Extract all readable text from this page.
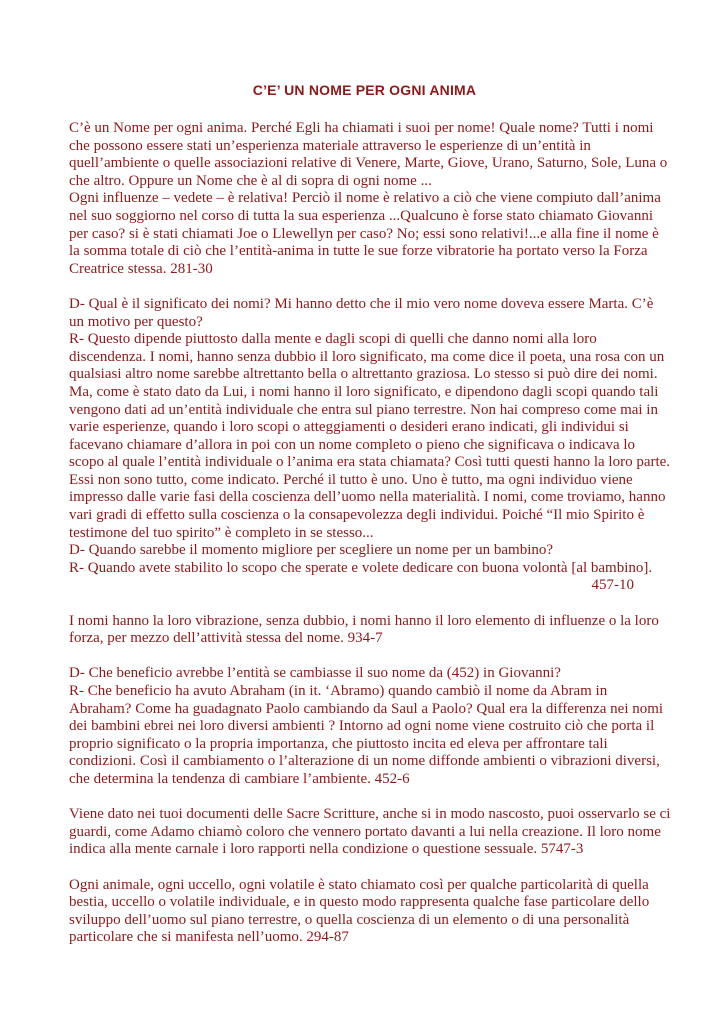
C’E’ UN NOME PER OGNI ANIMA
C’è un Nome per ogni anima. Perché Egli ha chiamati i suoi per nome! Quale nome? Tutti i nomi
che possono essere stati un’esperienza materiale attraverso le esperienze di un’entità in
quell’ambiente o quelle associazioni relative di Venere, Marte, Giove, Urano, Saturno, Sole, Luna o
che altro. Oppure un Nome che è al di sopra di ogni nome ...
Ogni influenze – vedete – è relativa! Perciò il nome è relativo a ciò che viene compiuto dall’anima
nel suo soggiorno nel corso di tutta la sua esperienza ...Qualcuno è forse stato chiamato Giovanni
per caso? si è stati chiamati Joe o Llewellyn per caso? No; essi sono relativi!...e alla fine il nome è
la somma totale di ciò che l’entità-anima in tutte le sue forze vibratorie ha portato verso la Forza
Creatrice stessa. 281-30
D- Qual è il significato dei nomi? Mi hanno detto che il mio vero nome doveva essere Marta. C’è
un motivo per questo?
R- Questo dipende piuttosto dalla mente e dagli scopi di quelli che danno nomi alla loro
discendenza. I nomi, hanno senza dubbio il loro significato, ma come dice il poeta, una rosa con un
qualsiasi altro nome sarebbe altrettanto bella o altrettanto graziosa. Lo stesso si può dire dei nomi.
Ma, come è stato dato da Lui, i nomi hanno il loro significato, e dipendono dagli scopi quando tali
vengono dati ad un’entità individuale che entra sul piano terrestre. Non hai compreso come mai in
varie esperienze, quando i loro scopi o atteggiamenti o desideri erano indicati, gli individui si
facevano chiamare d’allora in poi con un nome completo o pieno che significava o indicava lo
scopo al quale l’entità individuale o l’anima era stata chiamata? Così tutti questi hanno la loro parte.
Essi non sono tutto, come indicato. Perché il tutto è uno. Uno è tutto, ma ogni individuo viene
impresso dalle varie fasi della coscienza dell’uomo nella materialità. I nomi, come troviamo, hanno
vari gradi di effetto sulla coscienza o la consapevolezza degli individui. Poiché “Il mio Spirito è
testimone del tuo spirito” è completo in se stesso...
D- Quando sarebbe il momento migliore per scegliere un nome per un bambino?
R- Quando avete stabilito lo scopo che sperate e volete dedicare con buona volontà [al bambino].
457-10
I nomi hanno la loro vibrazione, senza dubbio, i nomi hanno il loro elemento di influenze o la loro
forza, per mezzo dell’attività stessa del nome. 934-7
D- Che beneficio avrebbe l’entità se cambiasse il suo nome da (452) in Giovanni?
R- Che beneficio ha avuto Abraham (in it. ‘Abramo) quando cambiò il nome da Abram in
Abraham? Come ha guadagnato Paolo cambiando da Saul a Paolo? Qual era la differenza nei nomi
dei bambini ebrei nei loro diversi ambienti ? Intorno ad ogni nome viene costruito ciò che porta il
proprio significato o la propria importanza, che piuttosto incita ed eleva per affrontare tali
condizioni. Così il cambiamento o l’alterazione di un nome diffonde ambienti o vibrazioni diversi,
che determina la tendenza di cambiare l’ambiente. 452-6
Viene dato nei tuoi documenti delle Sacre Scritture, anche si in modo nascosto, puoi osservarlo se ci
guardi, come Adamo chiamò coloro che vennero portato davanti a lui nella creazione. Il loro nome
indica alla mente carnale i loro rapporti nella condizione o questione sessuale. 5747-3
Ogni animale, ogni uccello, ogni volatile è stato chiamato così per qualche particolarità di quella
bestia, uccello o volatile individuale, e in questo modo rappresenta qualche fase particolare dello
sviluppo dell’uomo sul piano terrestre, o quella coscienza di un elemento o di una personalità
particolare che si manifesta nell’uomo. 294-87
